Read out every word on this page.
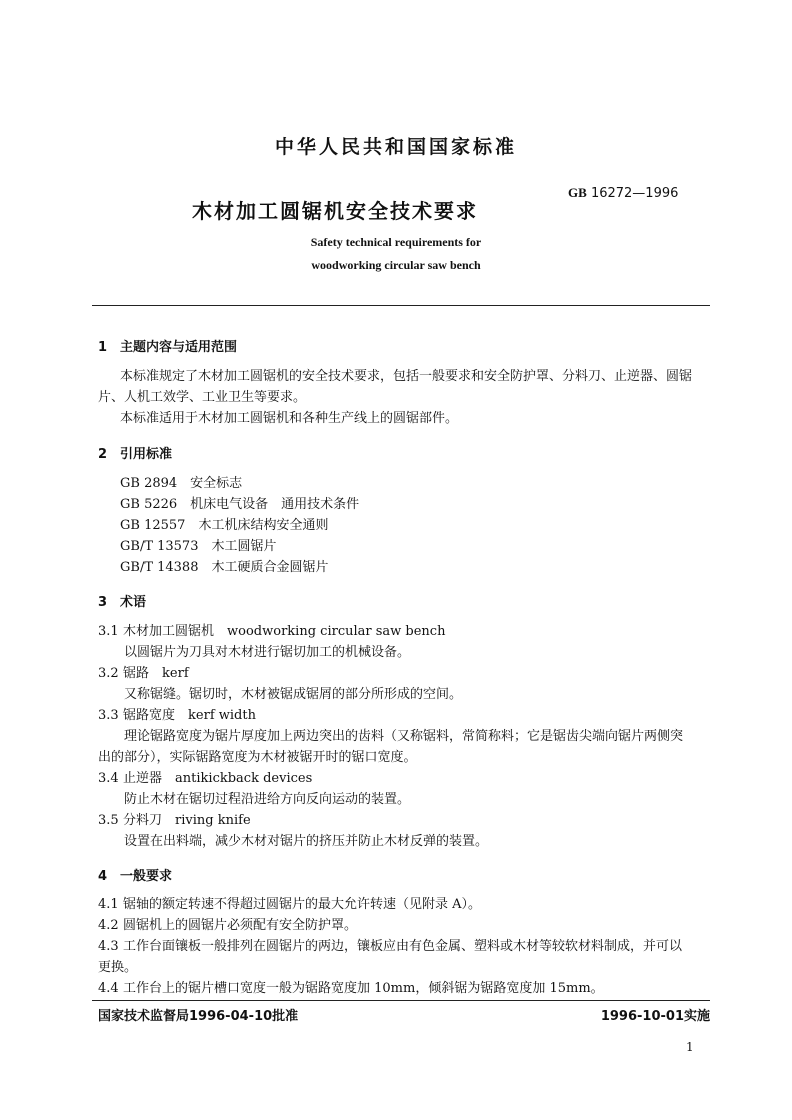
中华人民共和国国家标准
木材加工圆锯机安全技术要求
GB 16272—1996
Safety technical requirements for
woodworking circular saw bench
1 主题内容与适用范围
本标准规定了木材加工圆锯机的安全技术要求，包括一般要求和安全防护罩、分料刀、止逆器、圆锯
片、人机工效学、工业卫生等要求。
本标准适用于木材加工圆锯机和各种生产线上的圆锯部件。
2 引用标准
GB 2894　 安全标志
GB 5226　 机床电气设备　通用技术条件
GB 12557　 木工机床结构安全通则
GB/T 13573　 木工圆锯片
GB/T 14388　 木工硬质合金圆锯片
3 术语
3.1 木材加工圆锯机　 woodworking circular saw bench
以圆锯片为刀具对木材进行锯切加工的机械设备。
3.2 锯路　 kerf
又称锯缝。锯切时，木材被锯成锯屑的部分所形成的空间。
3.3 锯路宽度　 kerf width
理论锯路宽度为锯片厚度加上两边突出的齿料（又称锯料，常简称料；它是锯齿尖端向锯片两侧突
出的部分），实际锯路宽度为木材被锯开时的锯口宽度。
3.4 止逆器　 antikickback devices
防止木材在锯切过程沿进给方向反向运动的装置。
3.5 分料刀　 riving knife
设置在出料端，减少木材对锯片的挤压并防止木材反弹的装置。
4 一般要求
4.1 锯轴的额定转速不得超过圆锯片的最大允许转速（见附录 A）。
4.2 圆锯机上的圆锯片必须配有安全防护罩。
4.3 工作台面镶板一般排列在圆锯片的两边，镶板应由有色金属、塑料或木材等较软材料制成，并可以
更换。
4.4 工作台上的锯片槽口宽度一般为锯路宽度加 10mm，倾斜锯为锯路宽度加 15mm。
国家技术监督局1996-04-10批准	1996-10-01实施
1
